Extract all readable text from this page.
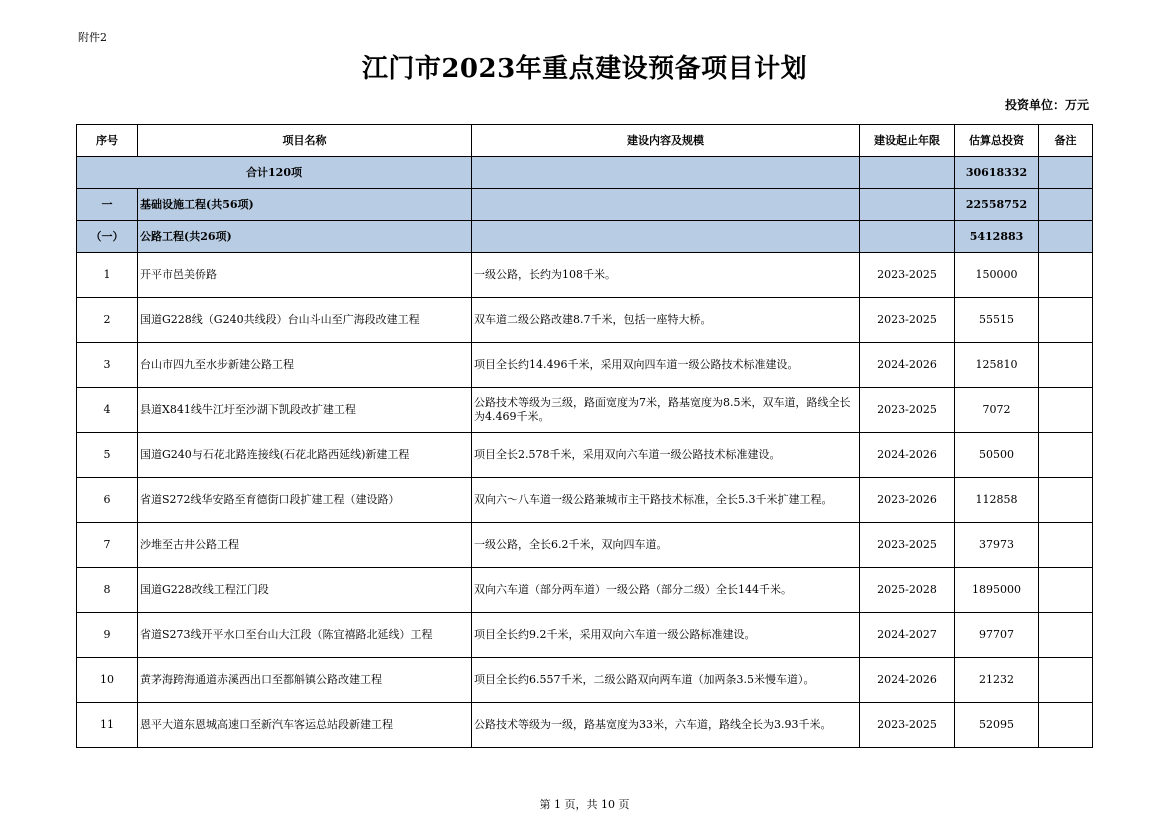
附件2
江门市2023年重点建设预备项目计划
投资单位：万元
序号	项目名称	建设内容及规模	建设起止年限	估算总投资	备注
合计120项				30618332	
一	基础设施工程(共56项)			22558752	
（一）	公路工程(共26项)			5412883	
1	开平市邑美侨路	一级公路，长约为108千米。	2023-2025	150000	
2	国道G228线（G240共线段）台山斗山至广海段改建工程	双车道二级公路改建8.7千米，包括一座特大桥。	2023-2025	55515	
3	台山市四九至水步新建公路工程	项目全长约14.496千米，采用双向四车道一级公路技术标准建设。	2024-2026	125810	
4	县道X841线牛江圩至沙湖下凯段改扩建工程	公路技术等级为三级，路面宽度为7米，路基宽度为8.5米，双车道，路线全长为4.469千米。	2023-2025	7072	
5	国道G240与石花北路连接线(石花北路西延线)新建工程	项目全长2.578千米，采用双向六车道一级公路技术标准建设。	2024-2026	50500	
6	省道S272线华安路至育德街口段扩建工程（建设路）	双向六～八车道一级公路兼城市主干路技术标准，全长5.3千米扩建工程。	2023-2026	112858	
7	沙堆至古井公路工程	一级公路，全长6.2千米，双向四车道。	2023-2025	37973	
8	国道G228改线工程江门段	双向六车道（部分两车道）一级公路（部分二级）全长144千米。	2025-2028	1895000	
9	省道S273线开平水口至台山大江段（陈宜禧路北延线）工程	项目全长约9.2千米，采用双向六车道一级公路标准建设。	2024-2027	97707	
10	黄茅海跨海通道赤溪西出口至都斛镇公路改建工程	项目全长约6.557千米，二级公路双向两车道（加两条3.5米慢车道）。	2024-2026	21232	
11	恩平大道东恩城高速口至新汽车客运总站段新建工程	公路技术等级为一级，路基宽度为33米，六车道，路线全长为3.93千米。	2023-2025	52095	
第 1 页，共 10 页
